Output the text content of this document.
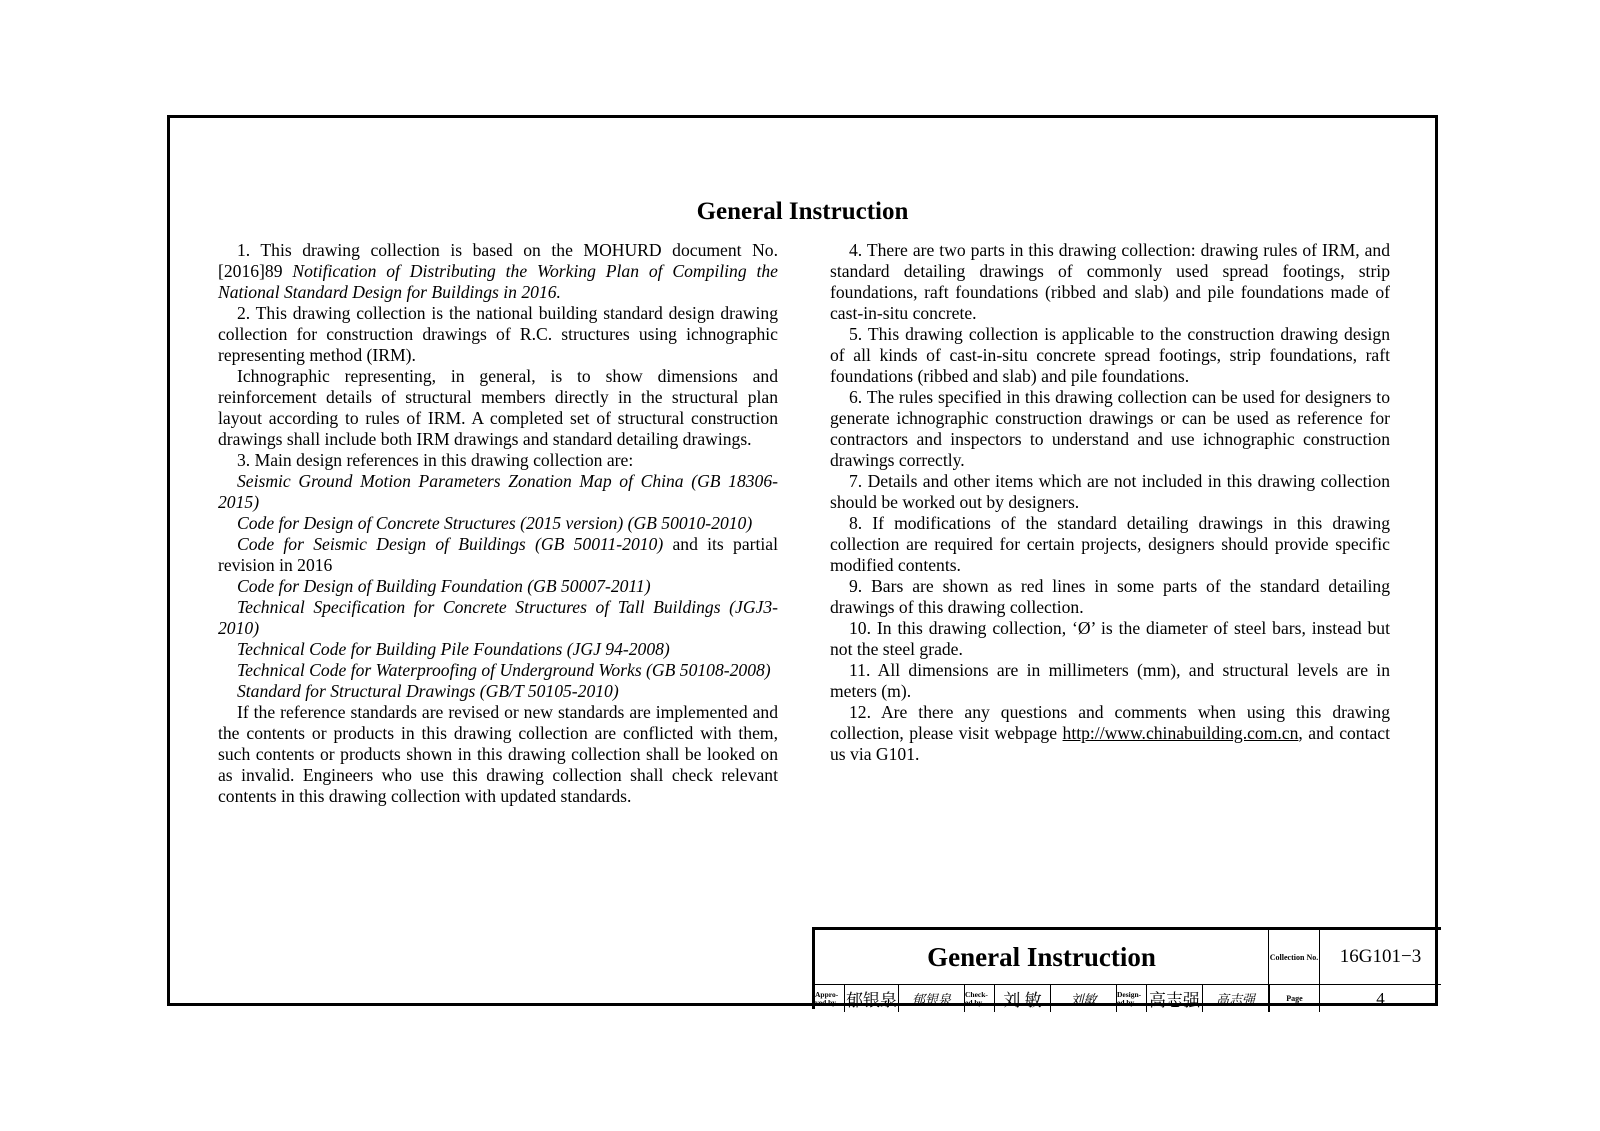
General Instruction

1. This drawing collection is based on the MOHURD document No. [2016]89 Notification of Distributing the Working Plan of Compiling the National Standard Design for Buildings in 2016.

2. This drawing collection is the national building standard design drawing collection for construction drawings of R.C. structures using ichnographic representing method (IRM).

Ichnographic representing, in general, is to show dimensions and reinforcement details of structural members directly in the structural plan layout according to rules of IRM. A completed set of structural construction drawings shall include both IRM drawings and standard detailing drawings.

3. Main design references in this drawing collection are:

Seismic Ground Motion Parameters Zonation Map of China (GB 18306-2015)

Code for Design of Concrete Structures (2015 version) (GB 50010-2010)

Code for Seismic Design of Buildings (GB 50011-2010) and its partial revision in 2016

Code for Design of Building Foundation (GB 50007-2011)

Technical Specification for Concrete Structures of Tall Buildings (JGJ3-2010)

Technical Code for Building Pile Foundations (JGJ 94-2008)

Technical Code for Waterproofing of Underground Works (GB 50108-2008)

Standard for Structural Drawings (GB/T 50105-2010)

If the reference standards are revised or new standards are implemented and the contents or products in this drawing collection are conflicted with them, such contents or products shown in this drawing collection shall be looked on as invalid. Engineers who use this drawing collection shall check relevant contents in this drawing collection with updated standards.

4. There are two parts in this drawing collection: drawing rules of IRM, and standard detailing drawings of commonly used spread footings, strip foundations, raft foundations (ribbed and slab) and pile foundations made of cast-in-situ concrete.

5. This drawing collection is applicable to the construction drawing design of all kinds of cast-in-situ concrete spread footings, strip foundations, raft foundations (ribbed and slab) and pile foundations.

6. The rules specified in this drawing collection can be used for designers to generate ichnographic construction drawings or can be used as reference for contractors and inspectors to understand and use ichnographic construction drawings correctly.

7. Details and other items which are not included in this drawing collection should be worked out by designers.

8. If modifications of the standard detailing drawings in this drawing collection are required for certain projects, designers should provide specific modified contents.

9. Bars are shown as red lines in some parts of the standard detailing drawings of this drawing collection.

10. In this drawing collection, ‘Ø’ is the diameter of steel bars, instead but not the steel grade.

11. All dimensions are in millimeters (mm), and structural levels are in meters (m).

12. Are there any questions and comments when using this drawing collection, please visit webpage http://www.chinabuilding.com.cn, and contact us via G101.

General Instruction	Collection No.	16G101−3
Appro-ved by 郁银泉	郁银泉	Check-ed by	刘 敏	刘敏	Design-ed by 高志强	高志强	Page	4
